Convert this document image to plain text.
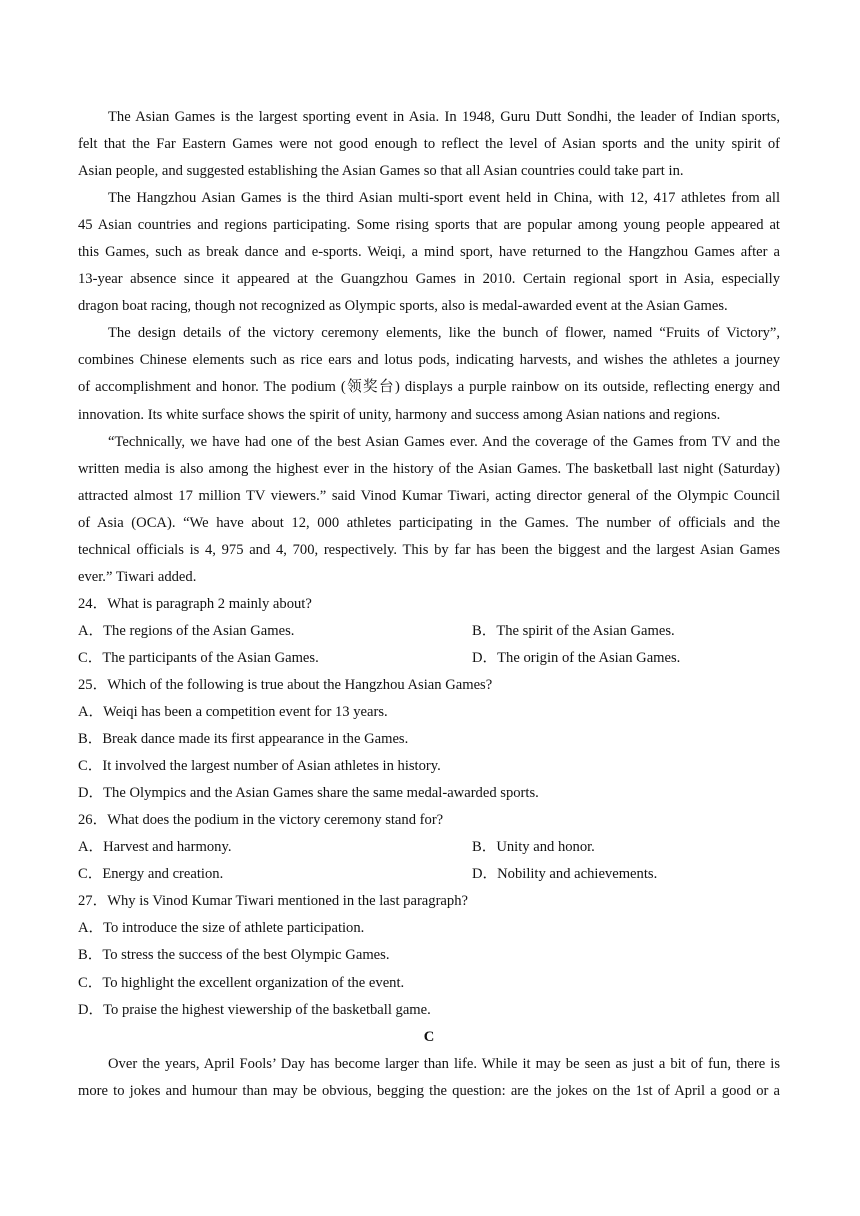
The Asian Games is the largest sporting event in Asia. In 1948, Guru Dutt Sondhi, the leader of Indian sports,
felt that the Far Eastern Games were not good enough to reflect the level of Asian sports and the unity spirit of
Asian people, and suggested establishing the Asian Games so that all Asian countries could take part in.
The Hangzhou Asian Games is the third Asian multi-sport event held in China, with 12, 417 athletes from all
45 Asian countries and regions participating. Some rising sports that are popular among young people appeared at
this Games, such as break dance and e-sports. Weiqi, a mind sport, have returned to the Hangzhou Games after a
13-year absence since it appeared at the Guangzhou Games in 2010. Certain regional sport in Asia, especially
dragon boat racing, though not recognized as Olympic sports, also is medal-awarded event at the Asian Games.
The design details of the victory ceremony elements, like the bunch of flower, named “Fruits of Victory”,
combines Chinese elements such as rice ears and lotus pods, indicating harvests, and wishes the athletes a journey
of accomplishment and honor. The podium (领奖台) displays a purple rainbow on its outside, reflecting energy and
innovation. Its white surface shows the spirit of unity, harmony and success among Asian nations and regions.
“Technically, we have had one of the best Asian Games ever. And the coverage of the Games from TV and the
written media is also among the highest ever in the history of the Asian Games. The basketball last night (Saturday)
attracted almost 17 million TV viewers.” said Vinod Kumar Tiwari, acting director general of the Olympic Council
of Asia (OCA). “We have about 12, 000 athletes participating in the Games. The number of officials and the
technical officials is 4, 975 and 4, 700, respectively. This by far has been the biggest and the largest Asian Games
ever.” Tiwari added.
24．What is paragraph 2 mainly about?
A．The regions of the Asian Games.	B．The spirit of the Asian Games.
C．The participants of the Asian Games.	D．The origin of the Asian Games.
25．Which of the following is true about the Hangzhou Asian Games?
A．Weiqi has been a competition event for 13 years.
B．Break dance made its first appearance in the Games.
C．It involved the largest number of Asian athletes in history.
D．The Olympics and the Asian Games share the same medal-awarded sports.
26．What does the podium in the victory ceremony stand for?
A．Harvest and harmony.	B．Unity and honor.
C．Energy and creation.	D．Nobility and achievements.
27．Why is Vinod Kumar Tiwari mentioned in the last paragraph?
A．To introduce the size of athlete participation.
B．To stress the success of the best Olympic Games.
C．To highlight the excellent organization of the event.
D．To praise the highest viewership of the basketball game.
C
Over the years, April Fools’ Day has become larger than life. While it may be seen as just a bit of fun, there is
more to jokes and humour than may be obvious, begging the question: are the jokes on the 1st of April a good or a
